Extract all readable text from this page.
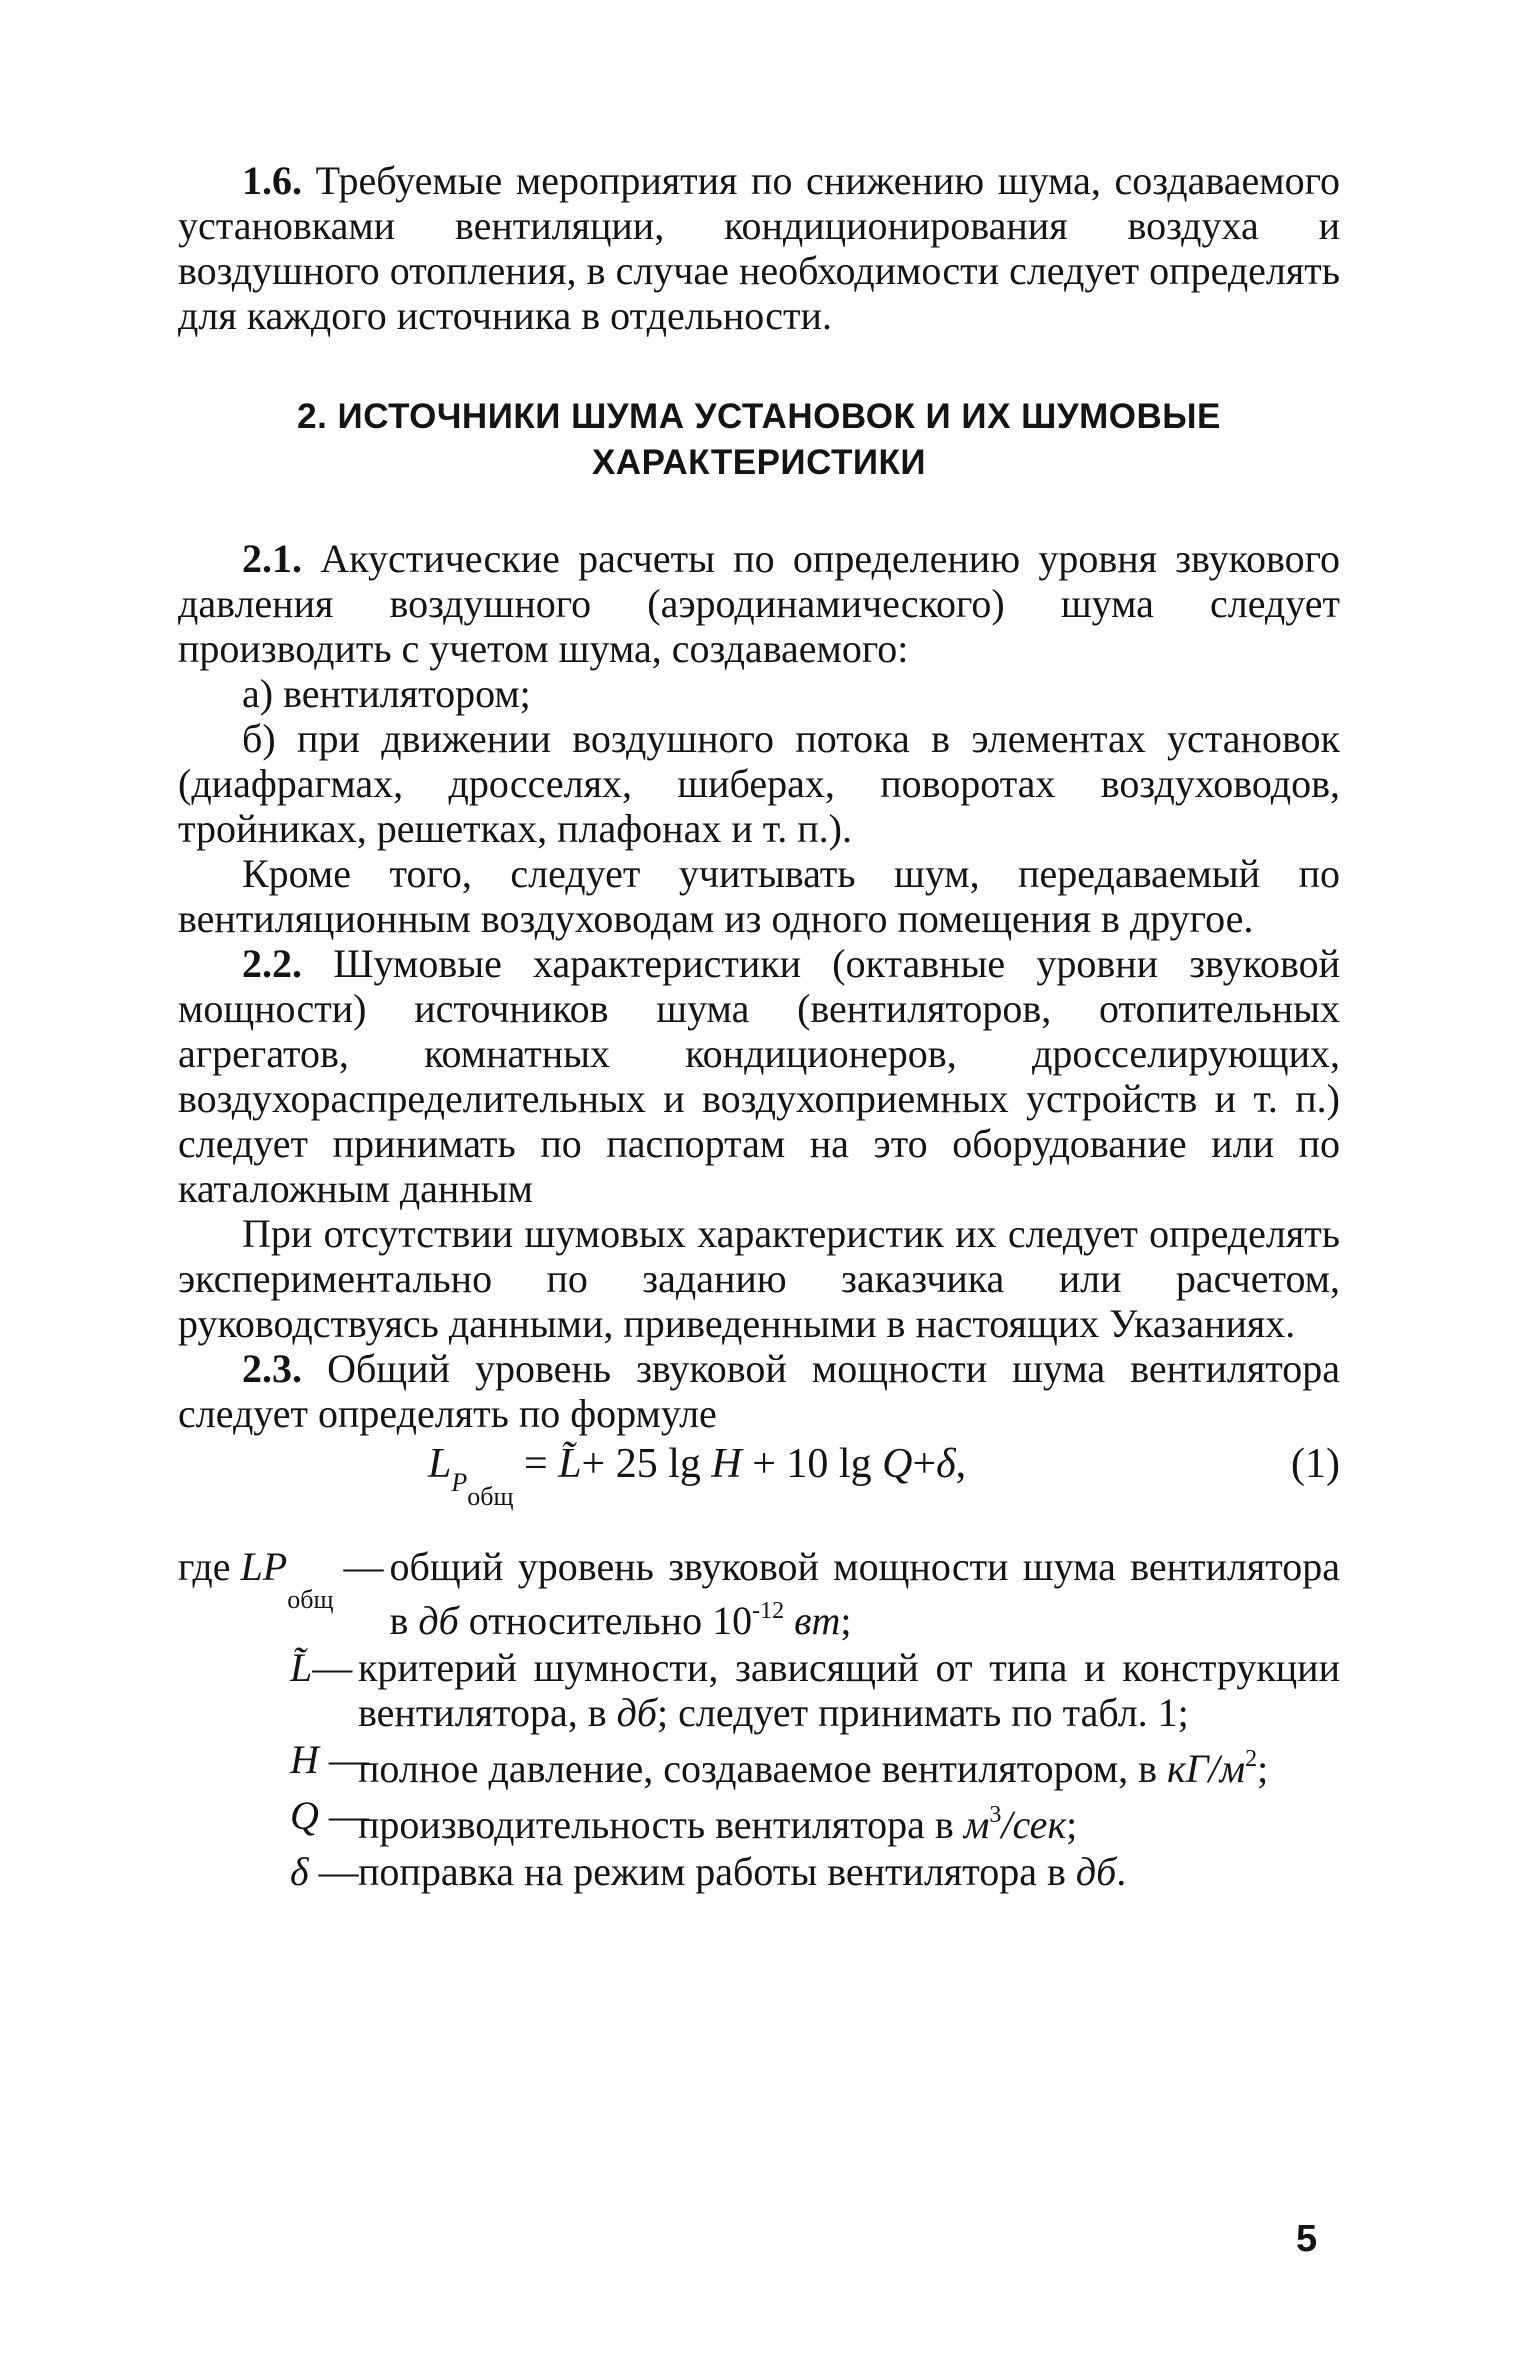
1.6. Требуемые мероприятия по снижению шума, создаваемого установками вентиляции, кондиционирования воздуха и воздушного отопления, в случае необходимости следует определять для каждого источника в отдельности.

2. ИСТОЧНИКИ ШУМА УСТАНОВОК И ИХ ШУМОВЫЕ
ХАРАКТЕРИСТИКИ

2.1. Акустические расчеты по определению уровня звукового давления воздушного (аэродинамического) шума следует производить с учетом шума, создаваемого:

а) вентилятором;

б) при движении воздушного потока в элементах установок (диафрагмах, дросселях, шиберах, поворотах воздуховодов, тройниках, решетках, плафонах и т. п.).

Кроме того, следует учитывать шум, передаваемый по вентиляционным воздуховодам из одного помещения в другое.

2.2. Шумовые характеристики (октавные уровни звуковой мощности) источников шума (вентиляторов, отопительных агрегатов, комнатных кондиционеров, дросселирующих, воздухораспределительных и воздухоприемных устройств и т. п.) следует принимать по паспортам на это оборудование или по каталожным данным

При отсутствии шумовых характеристик их следует определять экспериментально по заданию заказчика или расчетом, руководствуясь данными, приведенными в настоящих Указаниях.

2.3. Общий уровень звуковой мощности шума вентилятора следует определять по формуле

$L_{Pобщ}$ = L̃+ 25 lg H + 10 lg Q+δ,	(1)
где $LP_{общ}$ — общий уровень звуковой мощности шума вентилятора в дб относительно $10^{-12}$ вт;
L̃— критерий шумности, зависящий от типа и конструкции вентилятора, в дб; следует принимать по табл. 1;
H —
полное давление, создаваемое вентилятором, в $кГ/м^2$;
Q —
производительность вентилятора в $м^3$/сек;
δ — поправка на режим работы вентилятора в дб.
5
